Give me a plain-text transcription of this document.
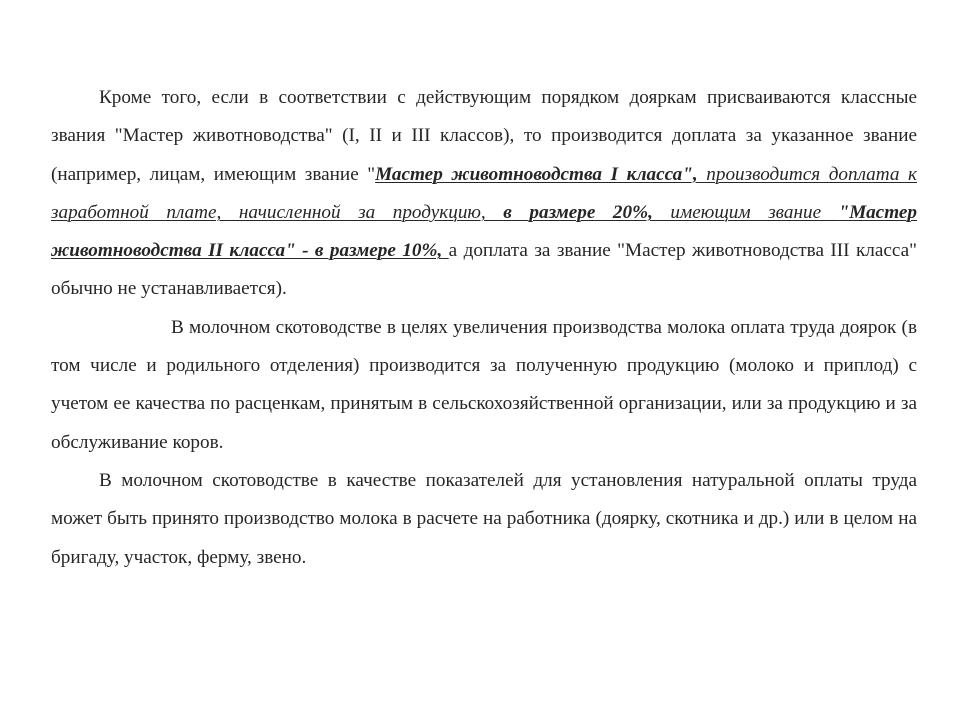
Кроме того, если в соответствии с действующим порядком дояркам присваиваются классные звания "Мастер животноводства" (I, II и III классов), то производится доплата за указанное звание (например, лицам, имеющим звание "Мастер животноводства I класса", производится доплата к заработной плате, начисленной за продукцию, в размере 20%, имеющим звание "Мастер животноводства II класса" - в размере 10%, а доплата за звание "Мастер животноводства III класса" обычно не устанавливается).

В молочном скотоводстве в целях увеличения производства молока оплата труда доярок (в том числе и родильного отделения) производится за полученную продукцию (молоко и приплод) с учетом ее качества по расценкам, принятым в сельскохозяйственной организации, или за продукцию и за обслуживание коров.

В молочном скотоводстве в качестве показателей для установления натуральной оплаты труда может быть принято производство молока в расчете на работника (доярку, скотника и др.) или в целом на бригаду, участок, ферму, звено.
